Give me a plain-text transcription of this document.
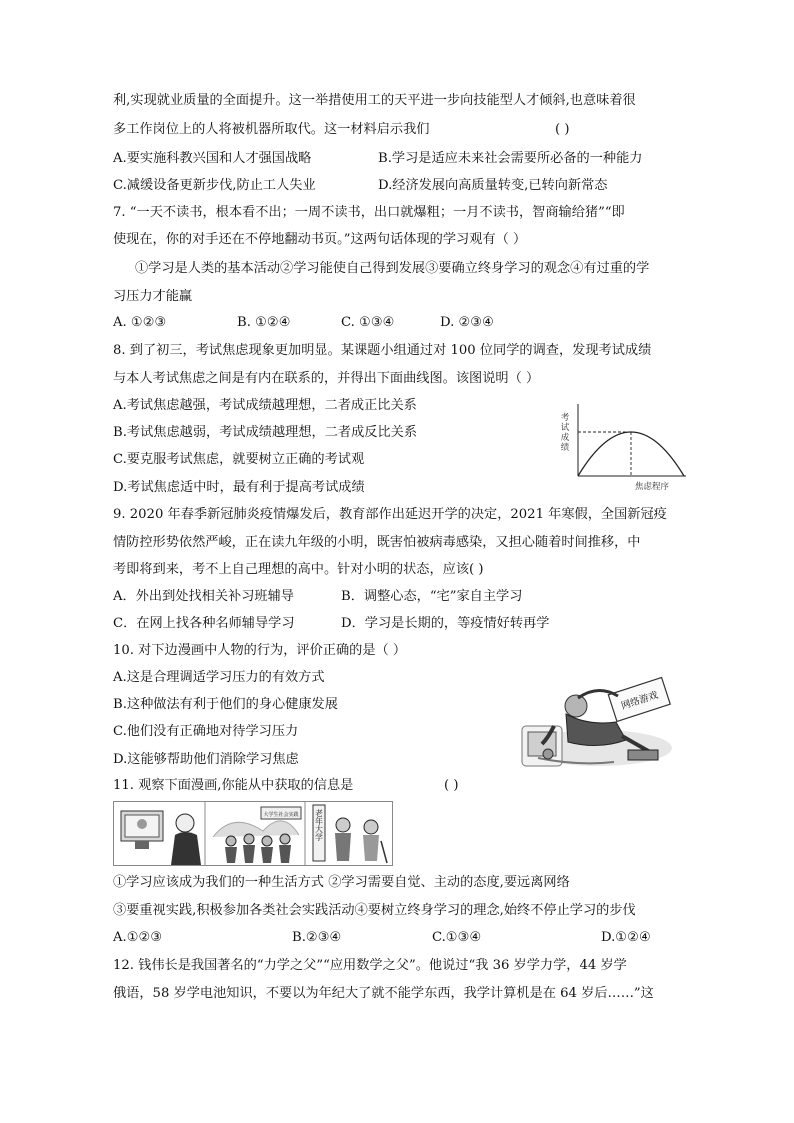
利,实现就业质量的全面提升。这一举措使用工的天平进一步向技能型人才倾斜,也意味着很
多工作岗位上的人将被机器所取代。这一材料启示我们	( )
A.要实施科教兴国和人才强国战略	B.学习是适应未来社会需要所必备的一种能力
C.减缓设备更新步伐,防止工人失业	D.经济发展向高质量转变,已转向新常态
7. “一天不读书，根本看不出；一周不读书，出口就爆粗；一月不读书，智商输给猪”“即
使现在，你的对手还在不停地翻动书页。”这两句话体现的学习观有（ ）
①学习是人类的基本活动②学习能使自己得到发展③要确立终身学习的观念④有过重的学
习压力才能赢
A. ①②③	B. ①②④	C. ①③④	D. ②③④
8. 到了初三，考试焦虑现象更加明显。某课题小组通过对 100 位同学的调查，发现考试成绩
与本人考试焦虑之间是有内在联系的，并得出下面曲线图。该图说明（ ）
A.考试焦虑越强，考试成绩越理想，二者成正比关系
B.考试焦虑越弱，考试成绩越理想，二者成反比关系
C.要克服考试焦虑，就要树立正确的考试观
D.考试焦虑适中时，最有利于提高考试成绩
考
试
成
绩
焦虑程序
9. 2020 年春季新冠肺炎疫情爆发后，教育部作出延迟开学的决定，2021 年寒假，全国新冠疫
情防控形势依然严峻，正在读九年级的小明，既害怕被病毒感染，又担心随着时间推移，中
考即将到来，考不上自己理想的高中。针对小明的状态，应该( )
A．外出到处找相关补习班辅导	B．调整心态，“宅”家自主学习
C．在网上找各种名师辅导学习	D．学习是长期的，等疫情好转再学
10. 对下边漫画中人物的行为，评价正确的是（ ）
A.这是合理调适学习压力的有效方式
B.这种做法有利于他们的身心健康发展
C.他们没有正确地对待学习压力
D.这能够帮助他们消除学习焦虑
网络游戏
11. 观察下面漫画,你能从中获取的信息是	( )
大学生社会实践 老年大学
①学习应该成为我们的一种生活方式 ②学习需要自觉、主动的态度,要远离网络
③要重视实践,积极参加各类社会实践活动④要树立终身学习的理念,始终不停止学习的步伐
A.①②③	B.②③④	C.①③④	D.①②④
12. 钱伟长是我国著名的“力学之父”“应用数学之父”。他说过“我 36 岁学力学，44 岁学
俄语，58 岁学电池知识，不要以为年纪大了就不能学东西，我学计算机是在 64 岁后……”这
